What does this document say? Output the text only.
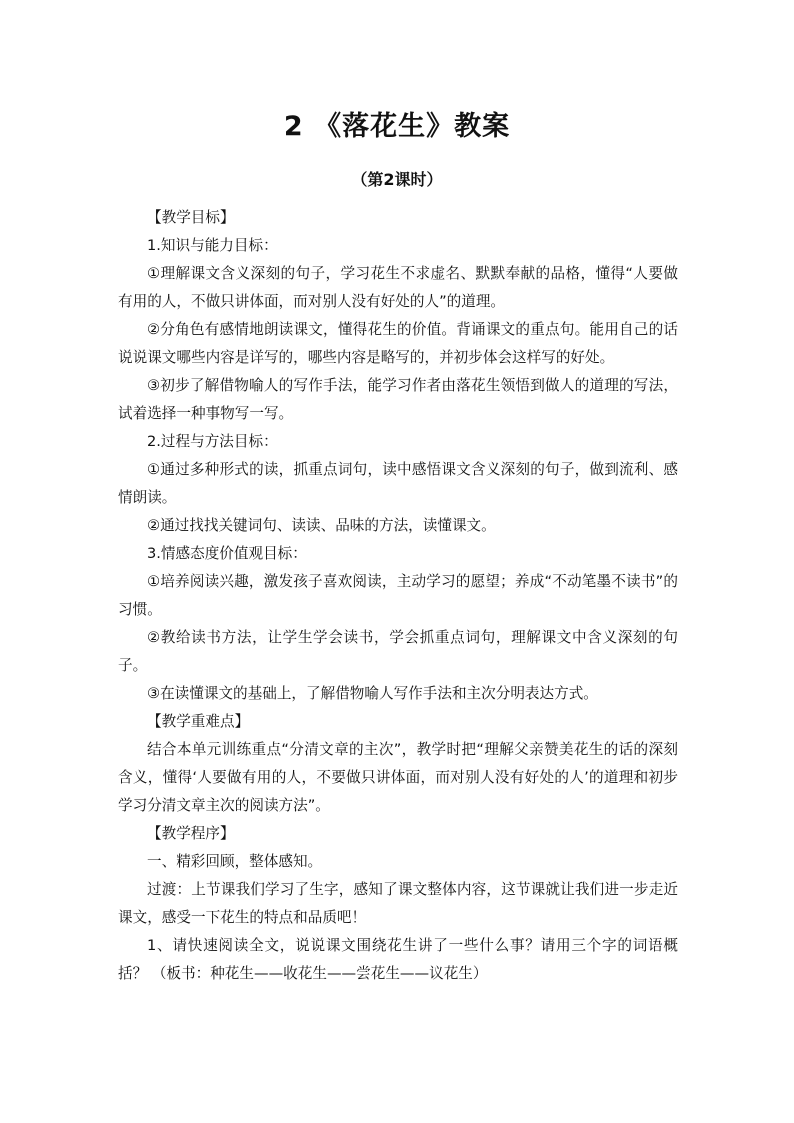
2 《落花生》教案
（第2课时）

【教学目标】

1.知识与能力目标：

①理解课文含义深刻的句子，学习花生不求虚名、默默奉献的品格，懂得“人要做有用的人，不做只讲体面，而对别人没有好处的人”的道理。

②分角色有感情地朗读课文，懂得花生的价值。背诵课文的重点句。能用自己的话说说课文哪些内容是详写的，哪些内容是略写的，并初步体会这样写的好处。

③初步了解借物喻人的写作手法，能学习作者由落花生领悟到做人的道理的写法，试着选择一种事物写一写。

2.过程与方法目标：

①通过多种形式的读，抓重点词句，读中感悟课文含义深刻的句子，做到流利、感情朗读。

②通过找找关键词句、读读、品味的方法，读懂课文。

3.情感态度价值观目标：

①培养阅读兴趣，激发孩子喜欢阅读，主动学习的愿望；养成“不动笔墨不读书”的习惯。

②教给读书方法，让学生学会读书，学会抓重点词句，理解课文中含义深刻的句子。

③在读懂课文的基础上，了解借物喻人写作手法和主次分明表达方式。

【教学重难点】

结合本单元训练重点“分清文章的主次”，教学时把“理解父亲赞美花生的话的深刻含义，懂得‘人要做有用的人，不要做只讲体面，而对别人没有好处的人’的道理和初步学习分清文章主次的阅读方法”。

【教学程序】

一、精彩回顾，整体感知。

过渡：上节课我们学习了生字，感知了课文整体内容，这节课就让我们进一步走近课文，感受一下花生的特点和品质吧！

1、请快速阅读全文，说说课文围绕花生讲了一些什么事？请用三个字的词语概括？ （板书：种花生——收花生——尝花生——议花生）
